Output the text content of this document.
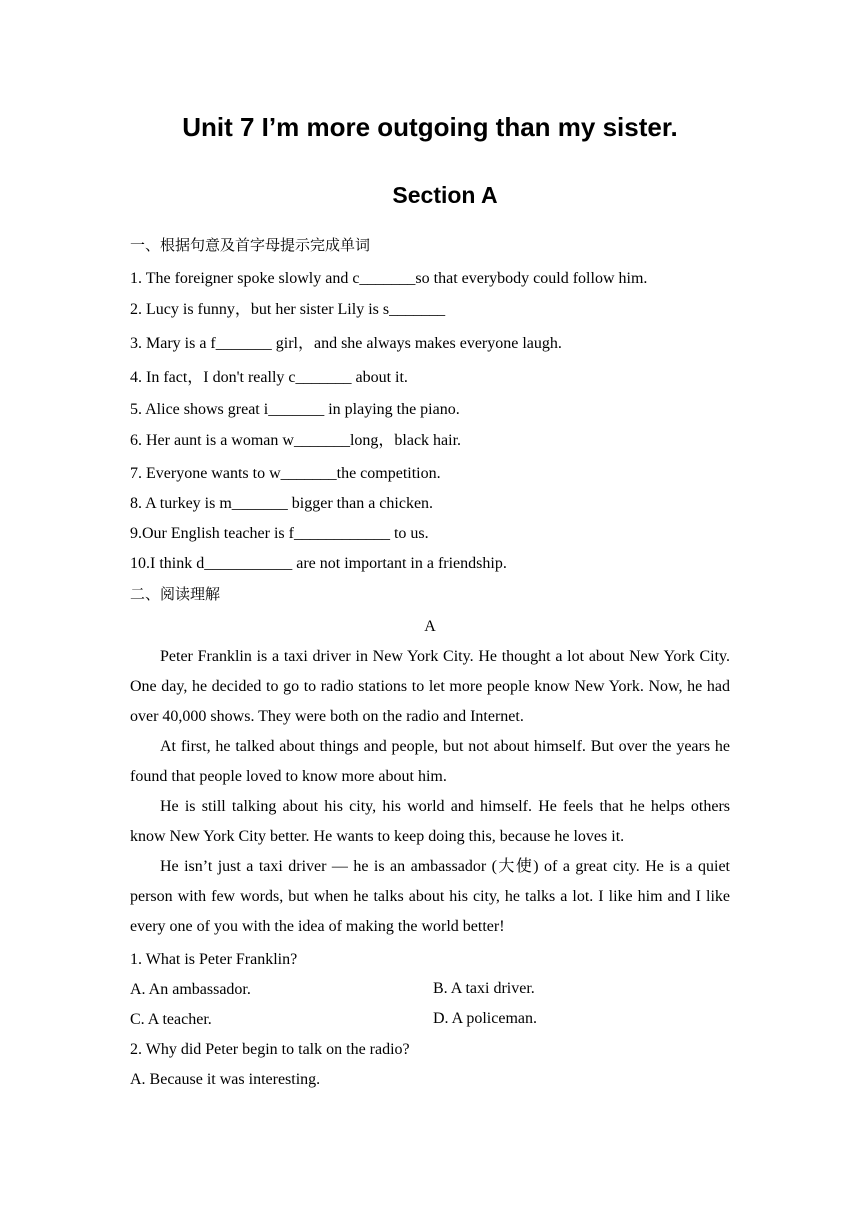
Unit 7 I’m more outgoing than my sister.
Section A
一、根据句意及首字母提示完成单词
1. The foreigner spoke slowly and c_______so that everybody could follow him.
2. Lucy is funny，but her sister Lily is s_______
3. Mary is a f_______ girl，and she always makes everyone laugh.
4. In fact，I don't really c_______ about it.
5. Alice shows great i_______ in playing the piano.
6. Her aunt is a woman w_______long，black hair.
7. Everyone wants to w_______the competition.
8. A turkey is m_______ bigger than a chicken.
9.Our English teacher is f____________ to us.
10.I think d___________ are not important in a friendship.
二、阅读理解
A

Peter Franklin is a taxi driver in New York City. He thought a lot about New York City. One day, he decided to go to radio stations to let more people know New York. Now, he had over 40,000 shows. They were both on the radio and Internet.

At first, he talked about things and people, but not about himself. But over the years he found that people loved to know more about him.

He is still talking about his city, his world and himself. He feels that he helps others know New York City better. He wants to keep doing this, because he loves it.

He isn’t just a taxi driver — he is an ambassador (大使) of a great city. He is a quiet person with few words, but when he talks about his city, he talks a lot. I like him and I like every one of you with the idea of making the world better!

1. What is Peter Franklin?
A. An ambassador.	B. A taxi driver.
C. A teacher.	D. A policeman.
2. Why did Peter begin to talk on the radio?
A. Because it was interesting.
